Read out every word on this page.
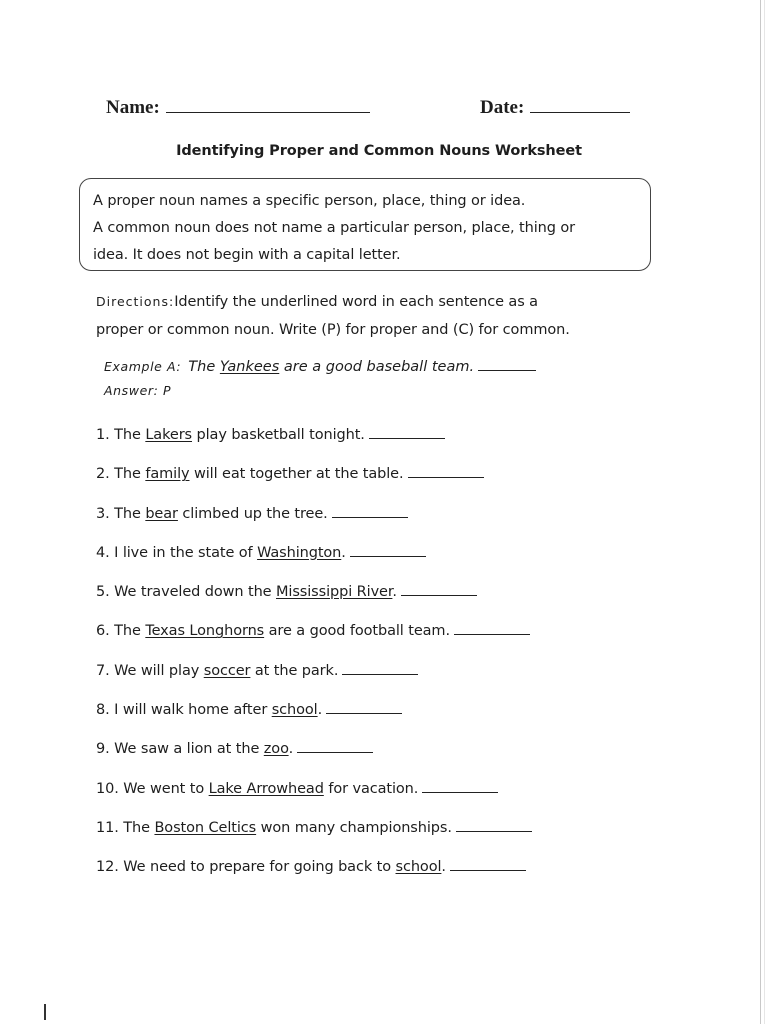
Name:	Date:
Identifying Proper and Common Nouns Worksheet
A proper noun names a specific person, place, thing or idea.
A common noun does not name a particular person, place, thing or
idea. It does not begin with a capital letter.
Directions:Identify the underlined word in each sentence as a
proper or common noun. Write (P) for proper and (C) for common.
Example A: The Yankees are a good baseball team.
Answer: P
1. The Lakers play basketball tonight.
2. The family will eat together at the table.
3. The bear climbed up the tree.
4. I live in the state of Washington.
5. We traveled down the Mississippi River.
6. The Texas Longhorns are a good football team.
7. We will play soccer at the park.
8. I will walk home after school.
9. We saw a lion at the zoo.
10. We went to Lake Arrowhead for vacation.
11. The Boston Celtics won many championships.
12. We need to prepare for going back to school.
